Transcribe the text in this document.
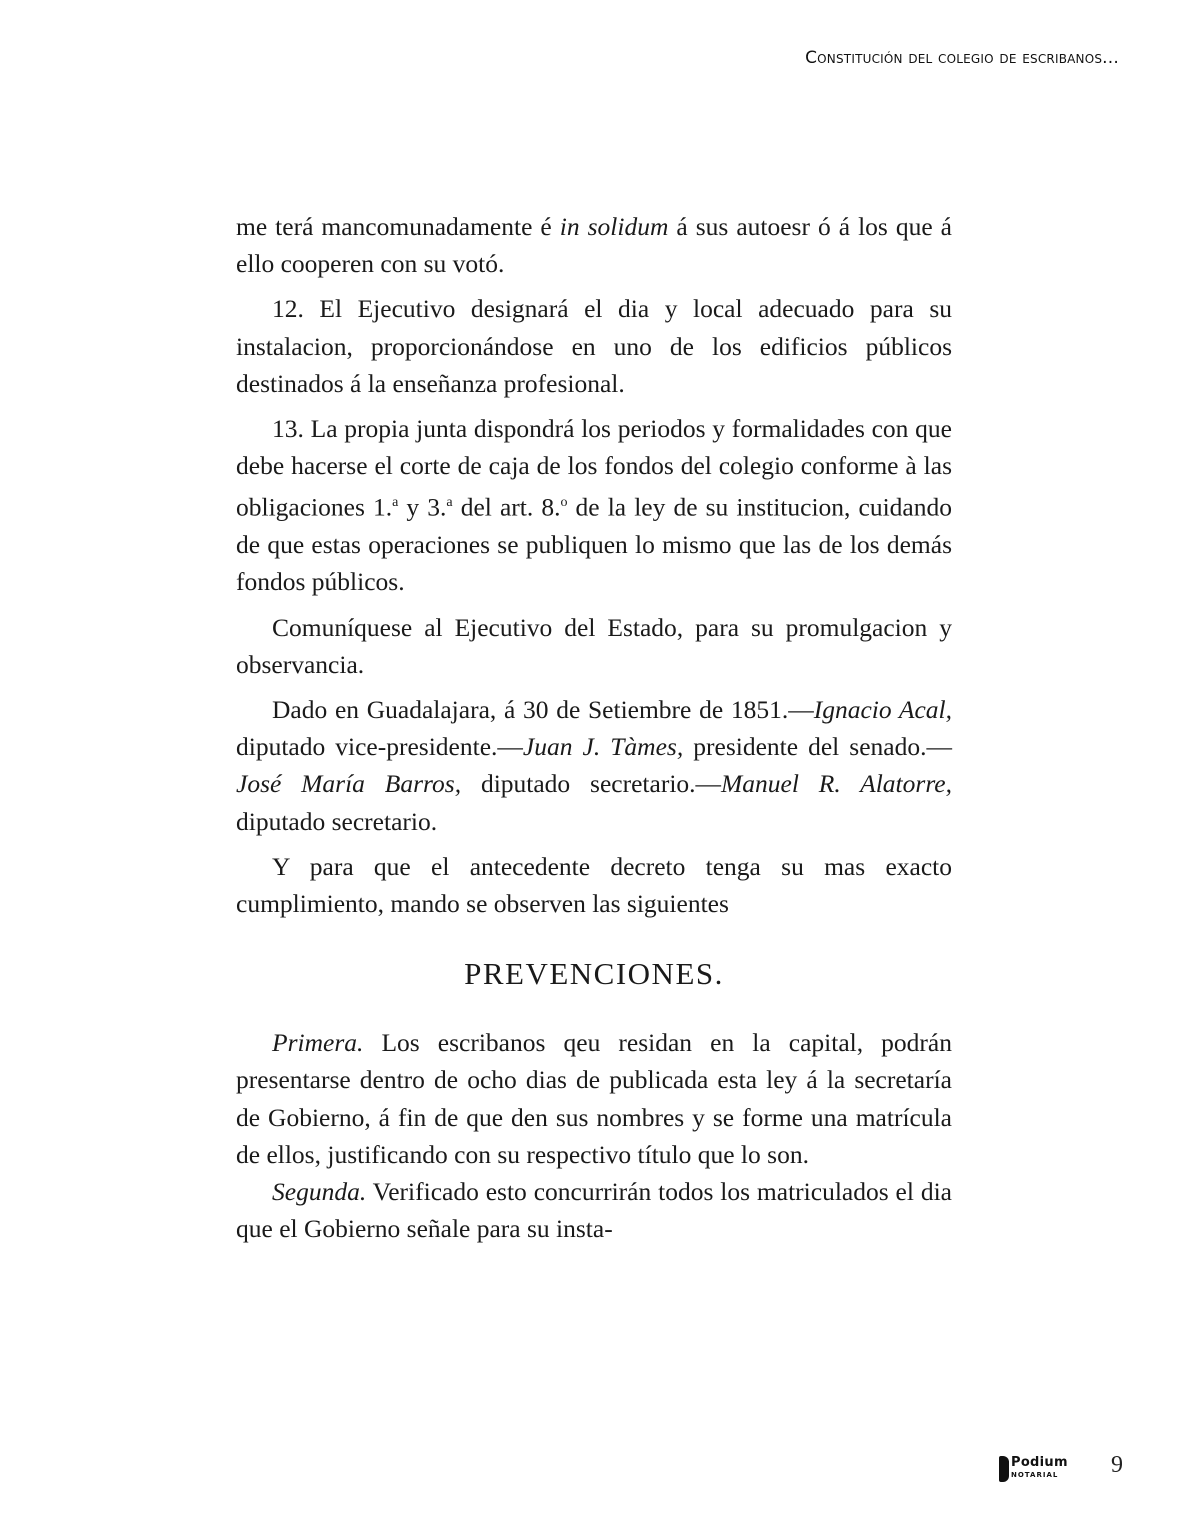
Constitución del colegio de escribanos...

me terá mancomunadamente é in solidum á sus autoesr ó á los que á ello cooperen con su votó.

12. El Ejecutivo designará el dia y local adecuado para su instalacion, proporcionándose en uno de los edificios públicos destinados á la enseñanza profesional.

13. La propia junta dispondrá los periodos y formalidades con que debe hacerse el corte de caja de los fondos del colegio conforme à las obligaciones 1.$^a$ y 3.$^a$ del art. 8.$^o$ de la ley de su institucion, cuidando de que estas operaciones se publiquen lo mismo que las de los demás fondos públicos.

Comuníquese al Ejecutivo del Estado, para su promulgacion y observancia.

Dado en Guadalajara, á 30 de Setiembre de 1851.—Ignacio Acal, diputado vice-presidente.—Juan J. Tàmes, presidente del senado.—José María Barros, diputado secretario.—Manuel R. Alatorre, diputado secretario.

Y para que el antecedente decreto tenga su mas exacto cumplimiento, mando se observen las siguientes

PREVENCIONES.

Primera. Los escribanos qeu residan en la capital, podrán presentarse dentro de ocho dias de publicada esta ley á la secretaría de Gobierno, á fin de que den sus nombres y se forme una matrícula de ellos, justificando con su respectivo título que lo son.

Segunda. Verificado esto concurrirán todos los matriculados el dia que el Gobierno señale para su insta-

Podium
NOTARIAL 9
